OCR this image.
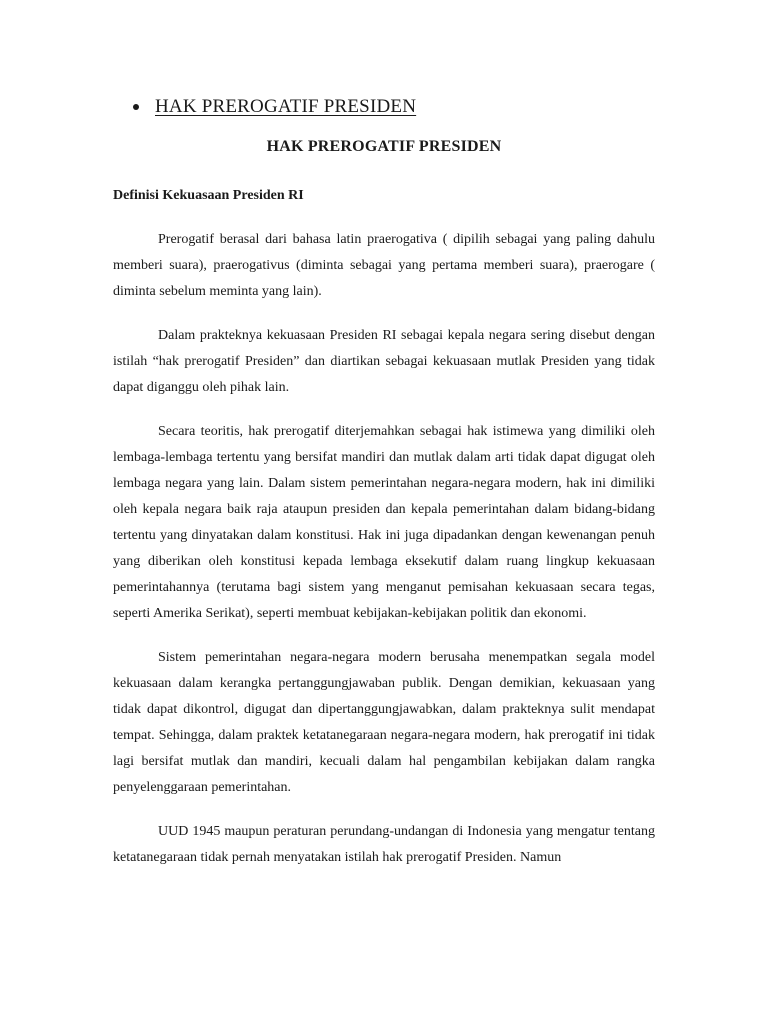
HAK PREROGATIF PRESIDEN
HAK PREROGATIF PRESIDEN
Definisi Kekuasaan Presiden RI

Prerogatif berasal dari bahasa latin praerogativa ( dipilih sebagai yang paling dahulu memberi suara), praerogativus (diminta sebagai yang pertama memberi suara), praerogare ( diminta sebelum meminta yang lain).

Dalam prakteknya kekuasaan Presiden RI sebagai kepala negara sering disebut dengan istilah “hak prerogatif Presiden” dan diartikan sebagai kekuasaan mutlak Presiden yang tidak dapat diganggu oleh pihak lain.

Secara teoritis, hak prerogatif diterjemahkan sebagai hak istimewa yang dimiliki oleh lembaga-lembaga tertentu yang bersifat mandiri dan mutlak dalam arti tidak dapat digugat oleh lembaga negara yang lain. Dalam sistem pemerintahan negara-negara modern, hak ini dimiliki oleh kepala negara baik raja ataupun presiden dan kepala pemerintahan dalam bidang-bidang tertentu yang dinyatakan dalam konstitusi. Hak ini juga dipadankan dengan kewenangan penuh yang diberikan oleh konstitusi kepada lembaga eksekutif dalam ruang lingkup kekuasaan pemerintahannya (terutama bagi sistem yang menganut pemisahan kekuasaan secara tegas, seperti Amerika Serikat), seperti membuat kebijakan-kebijakan politik dan ekonomi.

Sistem pemerintahan negara-negara modern berusaha menempatkan segala model kekuasaan dalam kerangka pertanggungjawaban publik. Dengan demikian, kekuasaan yang tidak dapat dikontrol, digugat dan dipertanggungjawabkan, dalam prakteknya sulit mendapat tempat. Sehingga, dalam praktek ketatanegaraan negara-negara modern, hak prerogatif ini tidak lagi bersifat mutlak dan mandiri, kecuali dalam hal pengambilan kebijakan dalam rangka penyelenggaraan pemerintahan.

UUD 1945 maupun peraturan perundang-undangan di Indonesia yang mengatur tentang ketatanegaraan tidak pernah menyatakan istilah hak prerogatif Presiden. Namun
